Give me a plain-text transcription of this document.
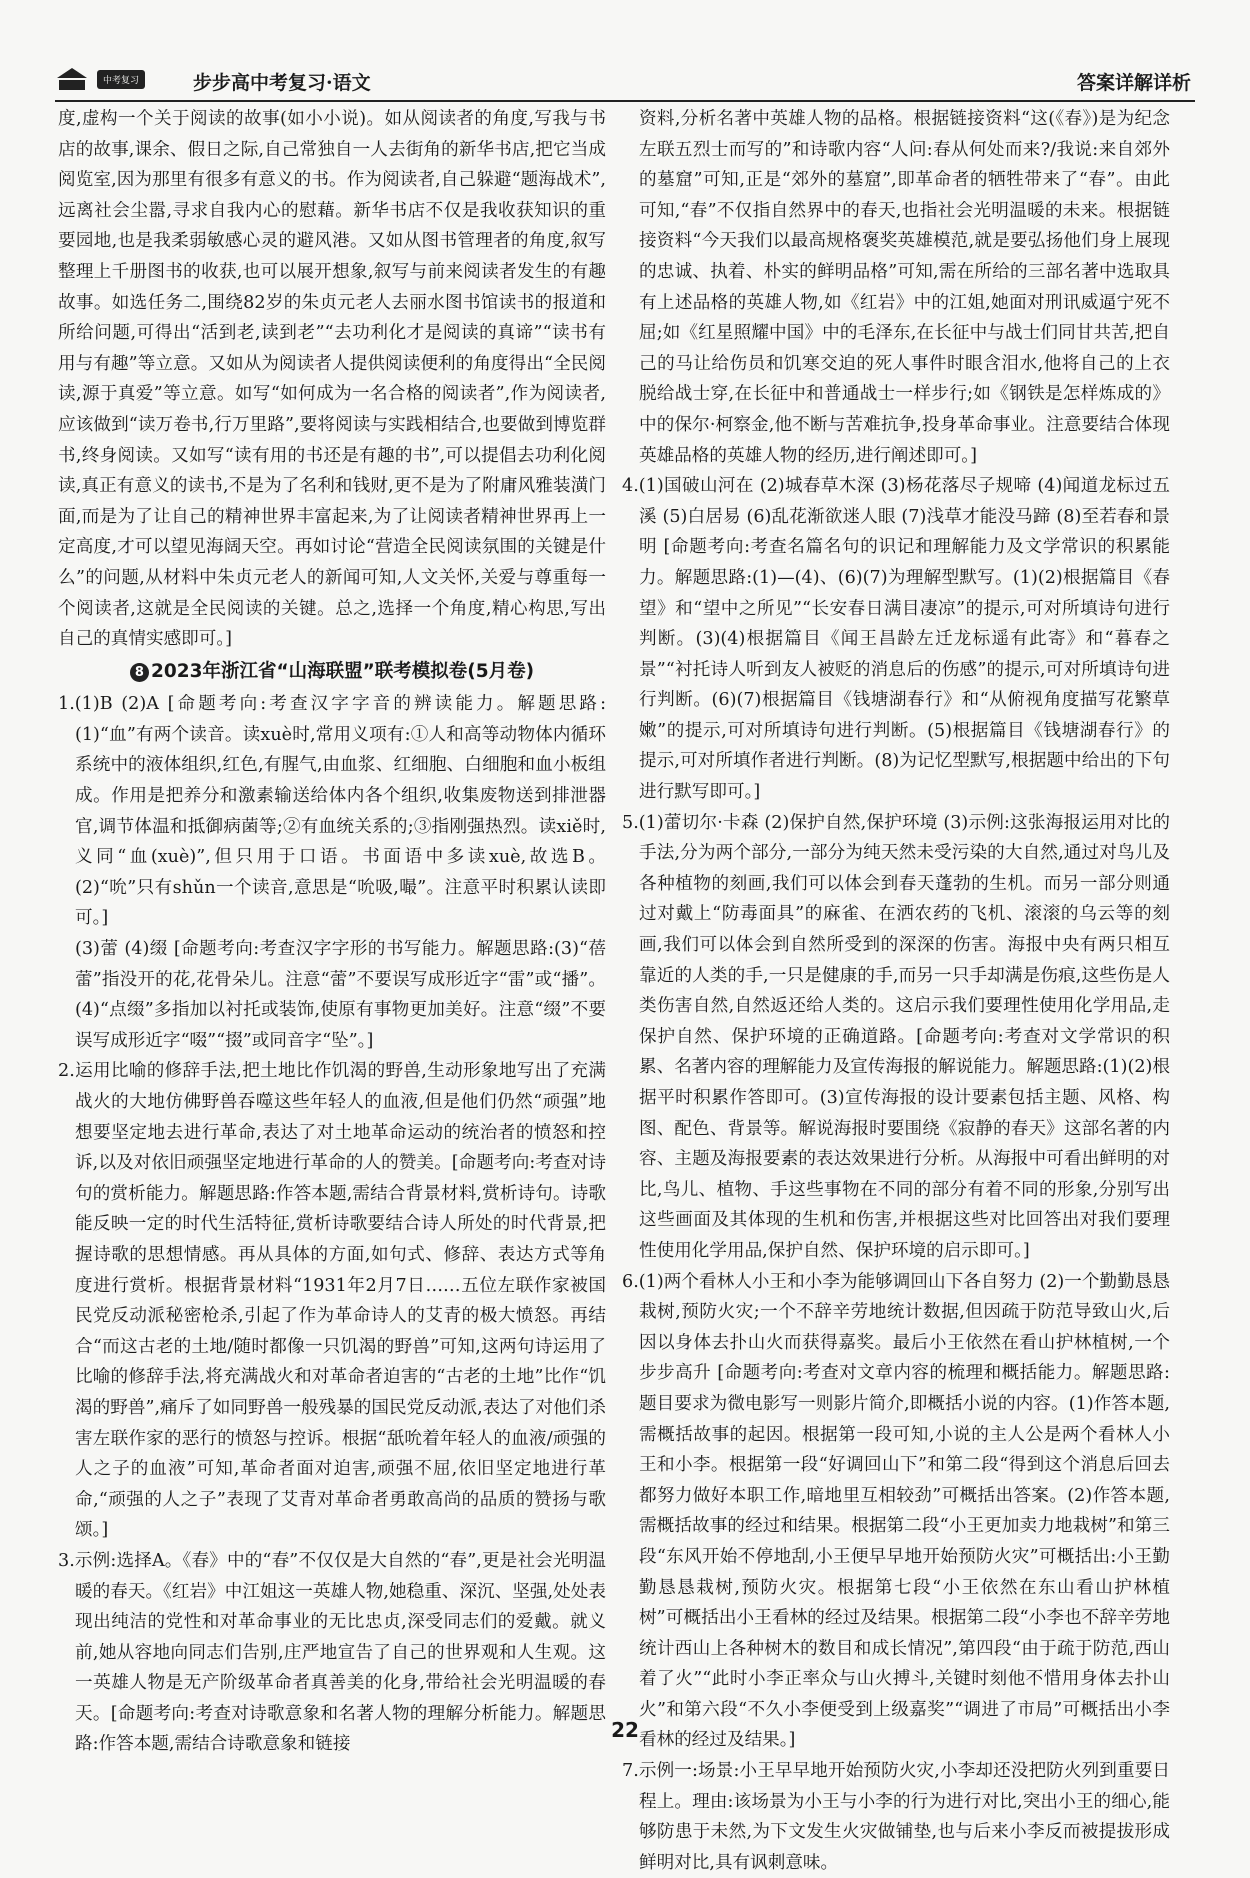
中考复习	步步高中考复习·语文	答案详解详析

度,虚构一个关于阅读的故事(如小小说)。如从阅读者的角度,写我与书店的故事,课余、假日之际,自己常独自一人去街角的新华书店,把它当成阅览室,因为那里有很多有意义的书。作为阅读者,自己躲避“题海战术”,远离社会尘嚣,寻求自我内心的慰藉。新华书店不仅是我收获知识的重要园地,也是我柔弱敏感心灵的避风港。又如从图书管理者的角度,叙写整理上千册图书的收获,也可以展开想象,叙写与前来阅读者发生的有趣故事。如选任务二,围绕82岁的朱贞元老人去丽水图书馆读书的报道和所给问题,可得出“活到老,读到老”“去功利化才是阅读的真谛”“读书有用与有趣”等立意。又如从为阅读者人提供阅读便利的角度得出“全民阅读,源于真爱”等立意。如写“如何成为一名合格的阅读者”,作为阅读者,应该做到“读万卷书,行万里路”,要将阅读与实践相结合,也要做到博览群书,终身阅读。又如写“读有用的书还是有趣的书”,可以提倡去功利化阅读,真正有意义的读书,不是为了名利和钱财,更不是为了附庸风雅装潢门面,而是为了让自己的精神世界丰富起来,为了让阅读者精神世界再上一定高度,才可以望见海阔天空。再如讨论“营造全民阅读氛围的关键是什么”的问题,从材料中朱贞元老人的新闻可知,人文关怀,关爱与尊重每一个阅读者,这就是全民阅读的关键。总之,选择一个角度,精心构思,写出自己的真情实感即可。]

8 2023年浙江省“山海联盟”联考模拟卷(5月卷)

1.(1)B (2)A [命题考向:考查汉字字音的辨读能力。解题思路:(1)“血”有两个读音。读xuè时,常用义项有:①人和高等动物体内循环系统中的液体组织,红色,有腥气,由血浆、红细胞、白细胞和血小板组成。作用是把养分和激素输送给体内各个组织,收集废物送到排泄器官,调节体温和抵御病菌等;②有血统关系的;③指刚强热烈。读xiě时,义同“血(xuè)”,但只用于口语。书面语中多读xuè,故选B。(2)“吮”只有shǔn一个读音,意思是“吮吸,嘬”。注意平时积累认读即可。]

(3)蕾 (4)缀 [命题考向:考查汉字字形的书写能力。解题思路:(3)“蓓蕾”指没开的花,花骨朵儿。注意“蕾”不要误写成形近字“雷”或“播”。(4)“点缀”多指加以衬托或装饰,使原有事物更加美好。注意“缀”不要误写成形近字“啜”“掇”或同音字“坠”。]

2.运用比喻的修辞手法,把土地比作饥渴的野兽,生动形象地写出了充满战火的大地仿佛野兽吞噬这些年轻人的血液,但是他们仍然“顽强”地想要坚定地去进行革命,表达了对土地革命运动的统治者的愤怒和控诉,以及对依旧顽强坚定地进行革命的人的赞美。[命题考向:考查对诗句的赏析能力。解题思路:作答本题,需结合背景材料,赏析诗句。诗歌能反映一定的时代生活特征,赏析诗歌要结合诗人所处的时代背景,把握诗歌的思想情感。再从具体的方面,如句式、修辞、表达方式等角度进行赏析。根据背景材料“1931年2月7日……五位左联作家被国民党反动派秘密枪杀,引起了作为革命诗人的艾青的极大愤怒。再结合“而这古老的土地/随时都像一只饥渴的野兽”可知,这两句诗运用了比喻的修辞手法,将充满战火和对革命者迫害的“古老的土地”比作“饥渴的野兽”,痛斥了如同野兽一般残暴的国民党反动派,表达了对他们杀害左联作家的恶行的愤怒与控诉。根据“舐吮着年轻人的血液/顽强的人之子的血液”可知,革命者面对迫害,顽强不屈,依旧坚定地进行革命,“顽强的人之子”表现了艾青对革命者勇敢高尚的品质的赞扬与歌颂。]

3.示例:选择A。《春》中的“春”不仅仅是大自然的“春”,更是社会光明温暖的春天。《红岩》中江姐这一英雄人物,她稳重、深沉、坚强,处处表现出纯洁的党性和对革命事业的无比忠贞,深受同志们的爱戴。就义前,她从容地向同志们告别,庄严地宣告了自己的世界观和人生观。这一英雄人物是无产阶级革命者真善美的化身,带给社会光明温暖的春天。[命题考向:考查对诗歌意象和名著人物的理解分析能力。解题思路:作答本题,需结合诗歌意象和链接

资料,分析名著中英雄人物的品格。根据链接资料“这(《春》)是为纪念左联五烈士而写的”和诗歌内容“人问:春从何处而来?/我说:来自郊外的墓窟”可知,正是“郊外的墓窟”,即革命者的牺牲带来了“春”。由此可知,“春”不仅指自然界中的春天,也指社会光明温暖的未来。根据链接资料“今天我们以最高规格褒奖英雄模范,就是要弘扬他们身上展现的忠诚、执着、朴实的鲜明品格”可知,需在所给的三部名著中选取具有上述品格的英雄人物,如《红岩》中的江姐,她面对刑讯威逼宁死不屈;如《红星照耀中国》中的毛泽东,在长征中与战士们同甘共苦,把自己的马让给伤员和饥寒交迫的死人事件时眼含泪水,他将自己的上衣脱给战士穿,在长征中和普通战士一样步行;如《钢铁是怎样炼成的》中的保尔·柯察金,他不断与苦难抗争,投身革命事业。注意要结合体现英雄品格的英雄人物的经历,进行阐述即可。]

4.(1)国破山河在 (2)城春草木深 (3)杨花落尽子规啼 (4)闻道龙标过五溪 (5)白居易 (6)乱花渐欲迷人眼 (7)浅草才能没马蹄 (8)至若春和景明 [命题考向:考查名篇名句的识记和理解能力及文学常识的积累能力。解题思路:(1)—(4)、(6)(7)为理解型默写。(1)(2)根据篇目《春望》和“望中之所见”“长安春日满目凄凉”的提示,可对所填诗句进行判断。(3)(4)根据篇目《闻王昌龄左迁龙标遥有此寄》和“暮春之景”“衬托诗人听到友人被贬的消息后的伤感”的提示,可对所填诗句进行判断。(6)(7)根据篇目《钱塘湖春行》和“从俯视角度描写花繁草嫩”的提示,可对所填诗句进行判断。(5)根据篇目《钱塘湖春行》的提示,可对所填作者进行判断。(8)为记忆型默写,根据题中给出的下句进行默写即可。]

5.(1)蕾切尔·卡森 (2)保护自然,保护环境 (3)示例:这张海报运用对比的手法,分为两个部分,一部分为纯天然未受污染的大自然,通过对鸟儿及各种植物的刻画,我们可以体会到春天蓬勃的生机。而另一部分则通过对戴上“防毒面具”的麻雀、在洒农药的飞机、滚滚的乌云等的刻画,我们可以体会到自然所受到的深深的伤害。海报中央有两只相互靠近的人类的手,一只是健康的手,而另一只手却满是伤痕,这些伤是人类伤害自然,自然返还给人类的。这启示我们要理性使用化学用品,走保护自然、保护环境的正确道路。[命题考向:考查对文学常识的积累、名著内容的理解能力及宣传海报的解说能力。解题思路:(1)(2)根据平时积累作答即可。(3)宣传海报的设计要素包括主题、风格、构图、配色、背景等。解说海报时要围绕《寂静的春天》这部名著的内容、主题及海报要素的表达效果进行分析。从海报中可看出鲜明的对比,鸟儿、植物、手这些事物在不同的部分有着不同的形象,分别写出这些画面及其体现的生机和伤害,并根据这些对比回答出对我们要理性使用化学用品,保护自然、保护环境的启示即可。]

6.(1)两个看林人小王和小李为能够调回山下各自努力 (2)一个勤勤恳恳栽树,预防火灾;一个不辞辛劳地统计数据,但因疏于防范导致山火,后因以身体去扑山火而获得嘉奖。最后小王依然在看山护林植树,一个步步高升 [命题考向:考查对文章内容的梳理和概括能力。解题思路:题目要求为微电影写一则影片简介,即概括小说的内容。(1)作答本题,需概括故事的起因。根据第一段可知,小说的主人公是两个看林人小王和小李。根据第一段“好调回山下”和第二段“得到这个消息后回去都努力做好本职工作,暗地里互相较劲”可概括出答案。(2)作答本题,需概括故事的经过和结果。根据第二段“小王更加卖力地栽树”和第三段“东风开始不停地刮,小王便早早地开始预防火灾”可概括出:小王勤勤恳恳栽树,预防火灾。根据第七段“小王依然在东山看山护林植树”可概括出小王看林的经过及结果。根据第二段“小李也不辞辛劳地统计西山上各种树木的数目和成长情况”,第四段“由于疏于防范,西山着了火”“此时小李正率众与山火搏斗,关键时刻他不惜用身体去扑山火”和第六段“不久小李便受到上级嘉奖”“调进了市局”可概括出小李看林的经过及结果。]

7.示例一:场景:小王早早地开始预防火灾,小李却还没把防火列到重要日程上。理由:该场景为小王与小李的行为进行对比,突出小王的细心,能够防患于未然,为下文发生火灾做铺垫,也与后来小李反而被提拔形成鲜明对比,具有讽刺意味。

22
